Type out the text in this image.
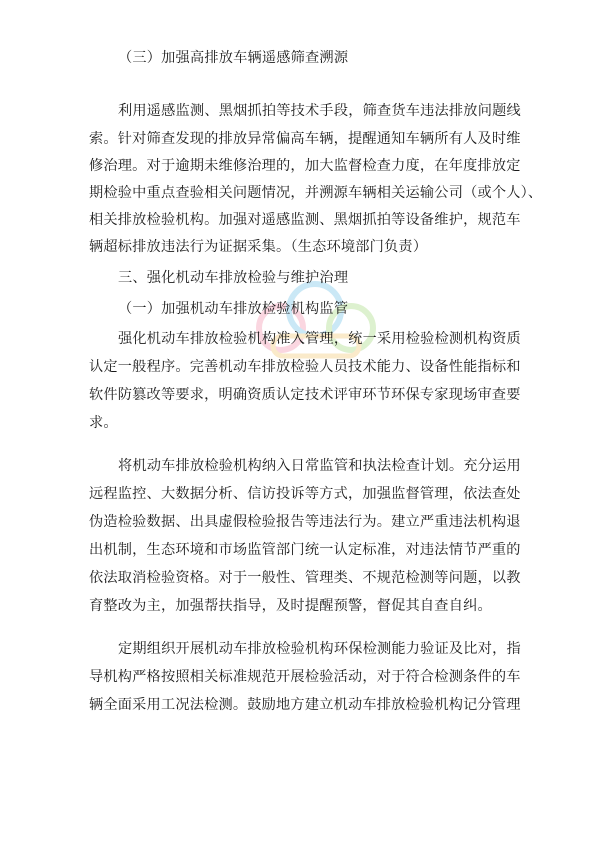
（三）加强高排放车辆遥感筛查溯源
利用遥感监测、黑烟抓拍等技术手段，筛查货车违法排放问题线
索。针对筛查发现的排放异常偏高车辆，提醒通知车辆所有人及时维
修治理。对于逾期未维修治理的，加大监督检查力度，在年度排放定
期检验中重点查验相关问题情况，并溯源车辆相关运输公司（或个人）、
相关排放检验机构。加强对遥感监测、黑烟抓拍等设备维护，规范车
辆超标排放违法行为证据采集。（生态环境部门负责）
三、强化机动车排放检验与维护治理
（一）加强机动车排放检验机构监管
强化机动车排放检验机构准入管理，统一采用检验检测机构资质
认定一般程序。完善机动车排放检验人员技术能力、设备性能指标和
软件防篡改等要求，明确资质认定技术评审环节环保专家现场审查要
求。
将机动车排放检验机构纳入日常监管和执法检查计划。充分运用
远程监控、大数据分析、信访投诉等方式，加强监督管理，依法查处
伪造检验数据、出具虚假检验报告等违法行为。建立严重违法机构退
出机制，生态环境和市场监管部门统一认定标准，对违法情节严重的
依法取消检验资格。对于一般性、管理类、不规范检测等问题，以教
育整改为主，加强帮扶指导，及时提醒预警，督促其自查自纠。
定期组织开展机动车排放检验机构环保检测能力验证及比对，指
导机构严格按照相关标准规范开展检验活动，对于符合检测条件的车
辆全面采用工况法检测。鼓励地方建立机动车排放检验机构记分管理
